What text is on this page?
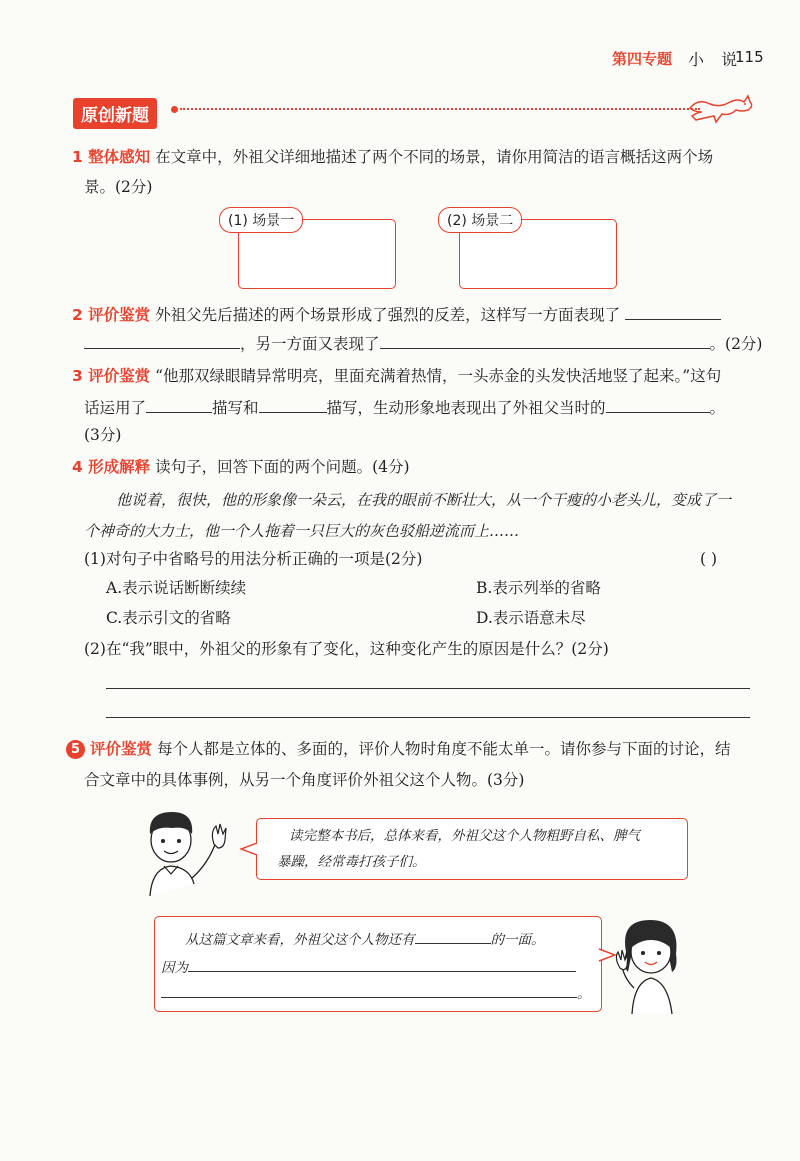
第四专题 小 说
115
原创新题
1 整体感知 在文章中，外祖父详细地描述了两个不同的场景，请你用简洁的语言概括这两个场
景。(2分)
(1) 场景一	(2) 场景二
2 评价鉴赏 外祖父先后描述的两个场景形成了强烈的反差，这样写一方面表现了
，另一方面又表现了	。(2分)
3 评价鉴赏 “他那双绿眼睛异常明亮，里面充满着热情，一头赤金的头发快活地竖了起来。”这句
话运用了	描写和	描写，生动形象地表现出了外祖父当时的	。
(3分)
4 形成解释 读句子，回答下面的两个问题。(4分)
他说着，很快，他的形象像一朵云，在我的眼前不断壮大，从一个干瘦的小老头儿，变成了一
个神奇的大力士，他一个人拖着一只巨大的灰色驳船逆流而上……
(1)对句子中省略号的用法分析正确的一项是(2分)	( )
A.表示说话断断续续	B.表示列举的省略
C.表示引文的省略	D.表示语意未尽
(2)在“我”眼中，外祖父的形象有了变化，这种变化产生的原因是什么？(2分)
5 评价鉴赏 每个人都是立体的、多面的，评价人物时角度不能太单一。请你参与下面的讨论，结
合文章中的具体事例，从另一个角度评价外祖父这个人物。(3分)
读完整本书后，总体来看，外祖父这个人物粗野自私、脾气
暴躁，经常毒打孩子们。
从这篇文章来看，外祖父这个人物还有	的一面。
因为
。
